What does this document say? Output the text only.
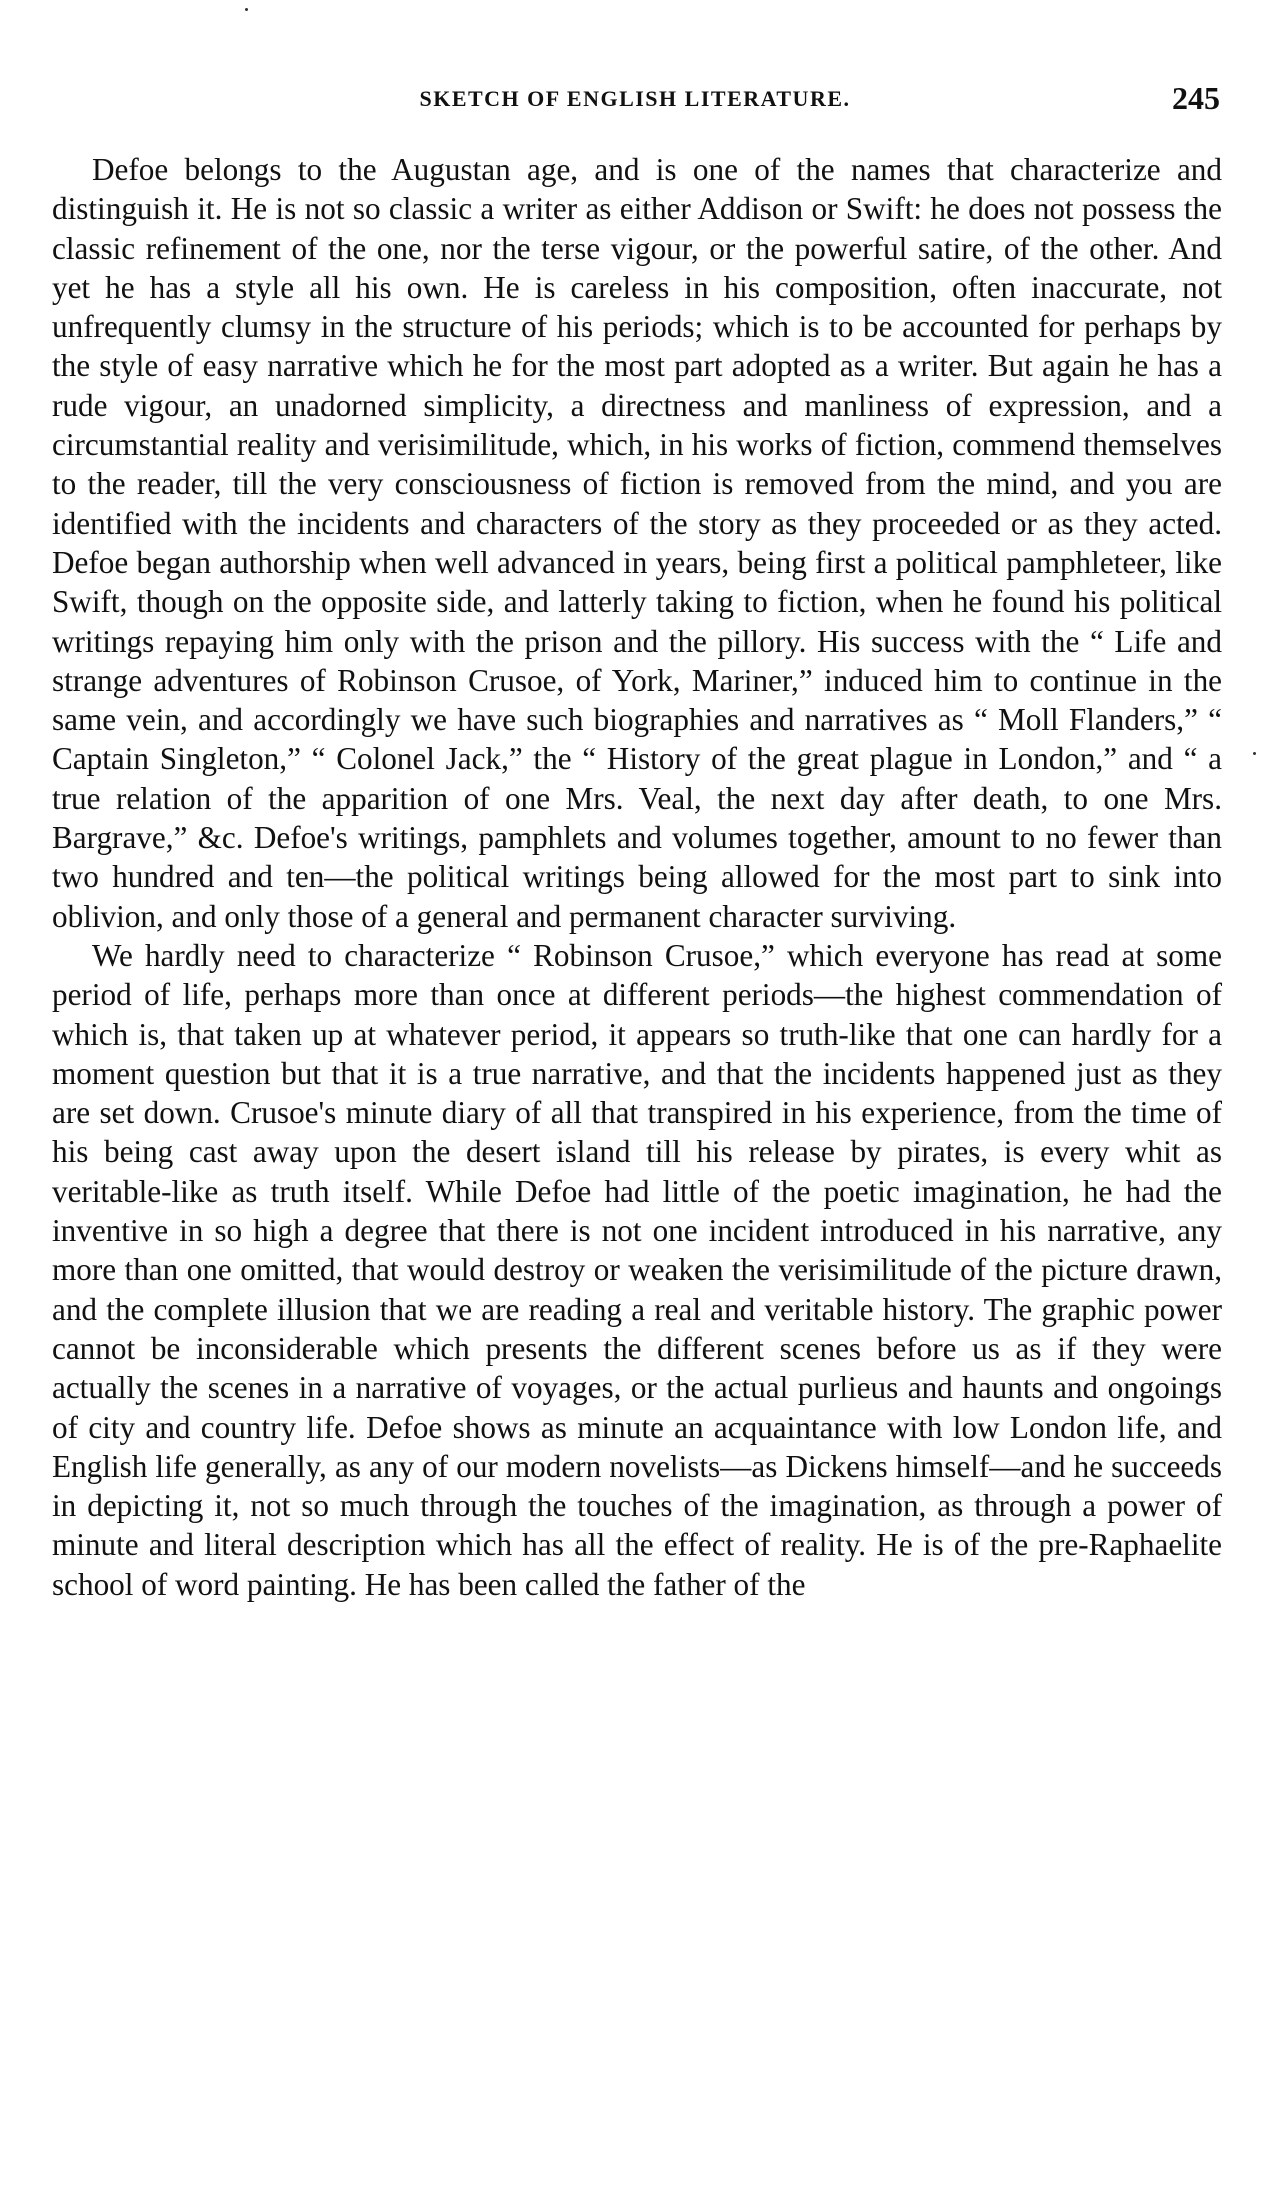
SKETCH OF ENGLISH LITERATURE.	245

Defoe belongs to the Augustan age, and is one of the names that characterize and distinguish it. He is not so classic a writer as either Addison or Swift: he does not possess the classic refinement of the one, nor the terse vigour, or the powerful satire, of the other. And yet he has a style all his own. He is careless in his composition, often inaccurate, not unfrequently clumsy in the structure of his periods; which is to be accounted for perhaps by the style of easy narrative which he for the most part adopted as a writer. But again he has a rude vigour, an unadorned simplicity, a directness and manliness of expression, and a circumstantial reality and verisimilitude, which, in his works of fiction, commend themselves to the reader, till the very consciousness of fiction is removed from the mind, and you are identified with the incidents and characters of the story as they proceeded or as they acted. Defoe began authorship when well advanced in years, being first a political pamphleteer, like Swift, though on the opposite side, and latterly taking to fiction, when he found his political writings repaying him only with the prison and the pillory. His success with the “ Life and strange adventures of Robinson Crusoe, of York, Mariner,” induced him to continue in the same vein, and accordingly we have such biographies and narratives as “ Moll Flanders,” “ Captain Singleton,” “ Colonel Jack,” the “ History of the great plague in London,” and “ a true relation of the apparition of one Mrs. Veal, the next day after death, to one Mrs. Bargrave,” &c. Defoe's writings, pamphlets and volumes together, amount to no fewer than two hundred and ten—the political writings being allowed for the most part to sink into oblivion, and only those of a general and permanent character surviving.

We hardly need to characterize “ Robinson Crusoe,” which everyone has read at some period of life, perhaps more than once at different periods—the highest commendation of which is, that taken up at whatever period, it appears so truth-like that one can hardly for a moment question but that it is a true narrative, and that the incidents happened just as they are set down. Crusoe's minute diary of all that transpired in his experience, from the time of his being cast away upon the desert island till his release by pirates, is every whit as veritable-like as truth itself. While Defoe had little of the poetic imagination, he had the inventive in so high a degree that there is not one incident introduced in his narrative, any more than one omitted, that would destroy or weaken the verisimilitude of the picture drawn, and the complete illusion that we are reading a real and veritable history. The graphic power cannot be inconsiderable which presents the different scenes before us as if they were actually the scenes in a narrative of voyages, or the actual purlieus and haunts and ongoings of city and country life. Defoe shows as minute an acquaintance with low London life, and English life generally, as any of our modern novelists—as Dickens himself—and he succeeds in depicting it, not so much through the touches of the imagination, as through a power of minute and literal description which has all the effect of reality. He is of the pre-Raphaelite school of word painting. He has been called the father of the
